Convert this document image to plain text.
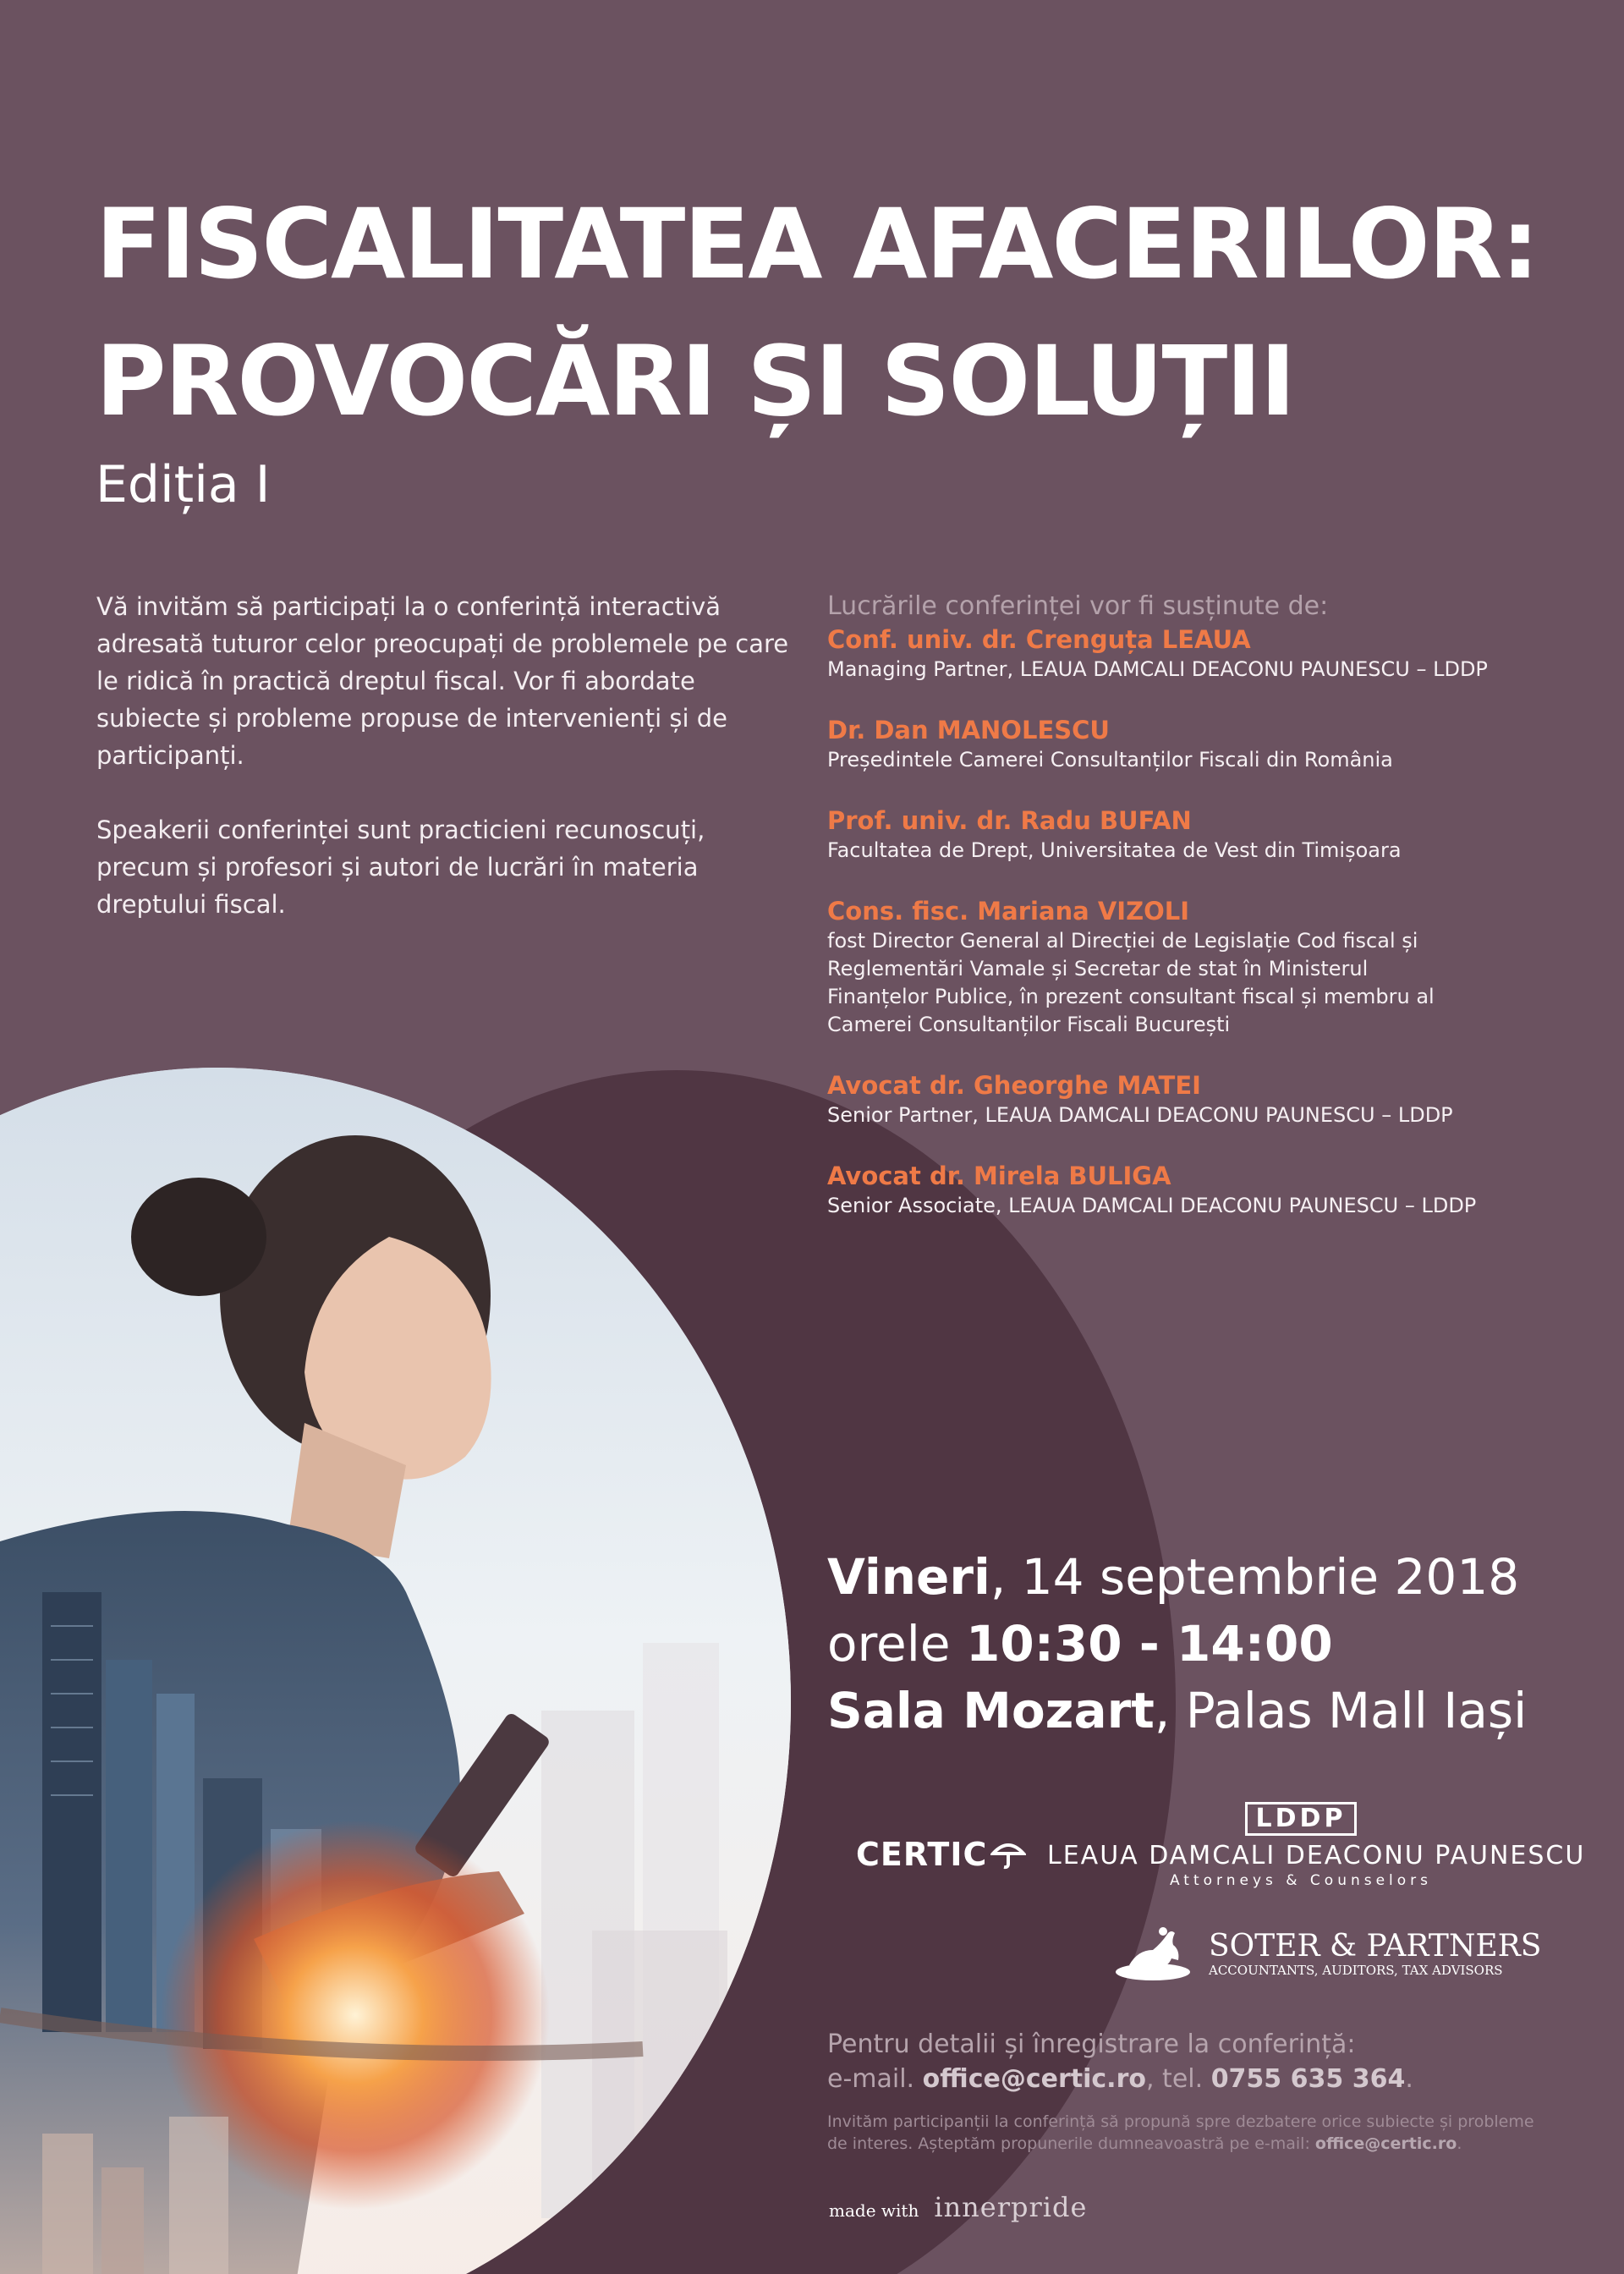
FISCALITATEA AFACERILOR:
PROVOCĂRI ȘI SOLUȚII
Ediția I

Vă invităm să participați la o conferință interactivă adresată tuturor celor preocupați de problemele pe care le ridică în practică dreptul fiscal. Vor fi abordate subiecte și probleme propuse de intervenienți și de participanți.

Speakerii conferinței sunt practicieni recunoscuți, precum și profesori și autori de lucrări în materia dreptului fiscal.

Lucrările conferinței vor fi susținute de:
Conf. univ. dr. Crenguța LEAUA
Managing Partner, LEAUA DAMCALI DEACONU PAUNESCU – LDDP
Dr. Dan MANOLESCU
Președintele Camerei Consultanților Fiscali din România
Prof. univ. dr. Radu BUFAN
Facultatea de Drept, Universitatea de Vest din Timișoara
Cons. fisc. Mariana VIZOLI
fost Director General al Direcției de Legislație Cod fiscal și Reglementări Vamale și Secretar de stat în Ministerul Finanțelor Publice, în prezent consultant fiscal și membru al Camerei Consultanților Fiscali București
Avocat dr. Gheorghe MATEI
Senior Partner, LEAUA DAMCALI DEACONU PAUNESCU – LDDP
Avocat dr. Mirela BULIGA
Senior Associate, LEAUA DAMCALI DEACONU PAUNESCU – LDDP
Vineri, 14 septembrie 2018
orele 10:30 - 14:00
Sala Mozart, Palas Mall Iași
CERTIC
LDDP
LEAUA DAMCALI DEACONU PAUNESCU
Attorneys & Counselors
SOTER & PARTNERS
ACCOUNTANTS, AUDITORS, TAX ADVISORS
Pentru detalii și înregistrare la conferință:
e-mail. office@certic.ro, tel. 0755 635 364.
Invităm participanții la conferință să propună spre dezbatere orice subiecte și probleme de interes. Așteptăm propunerile dumneavoastră pe e-mail: office@certic.ro.
made with innerpride
